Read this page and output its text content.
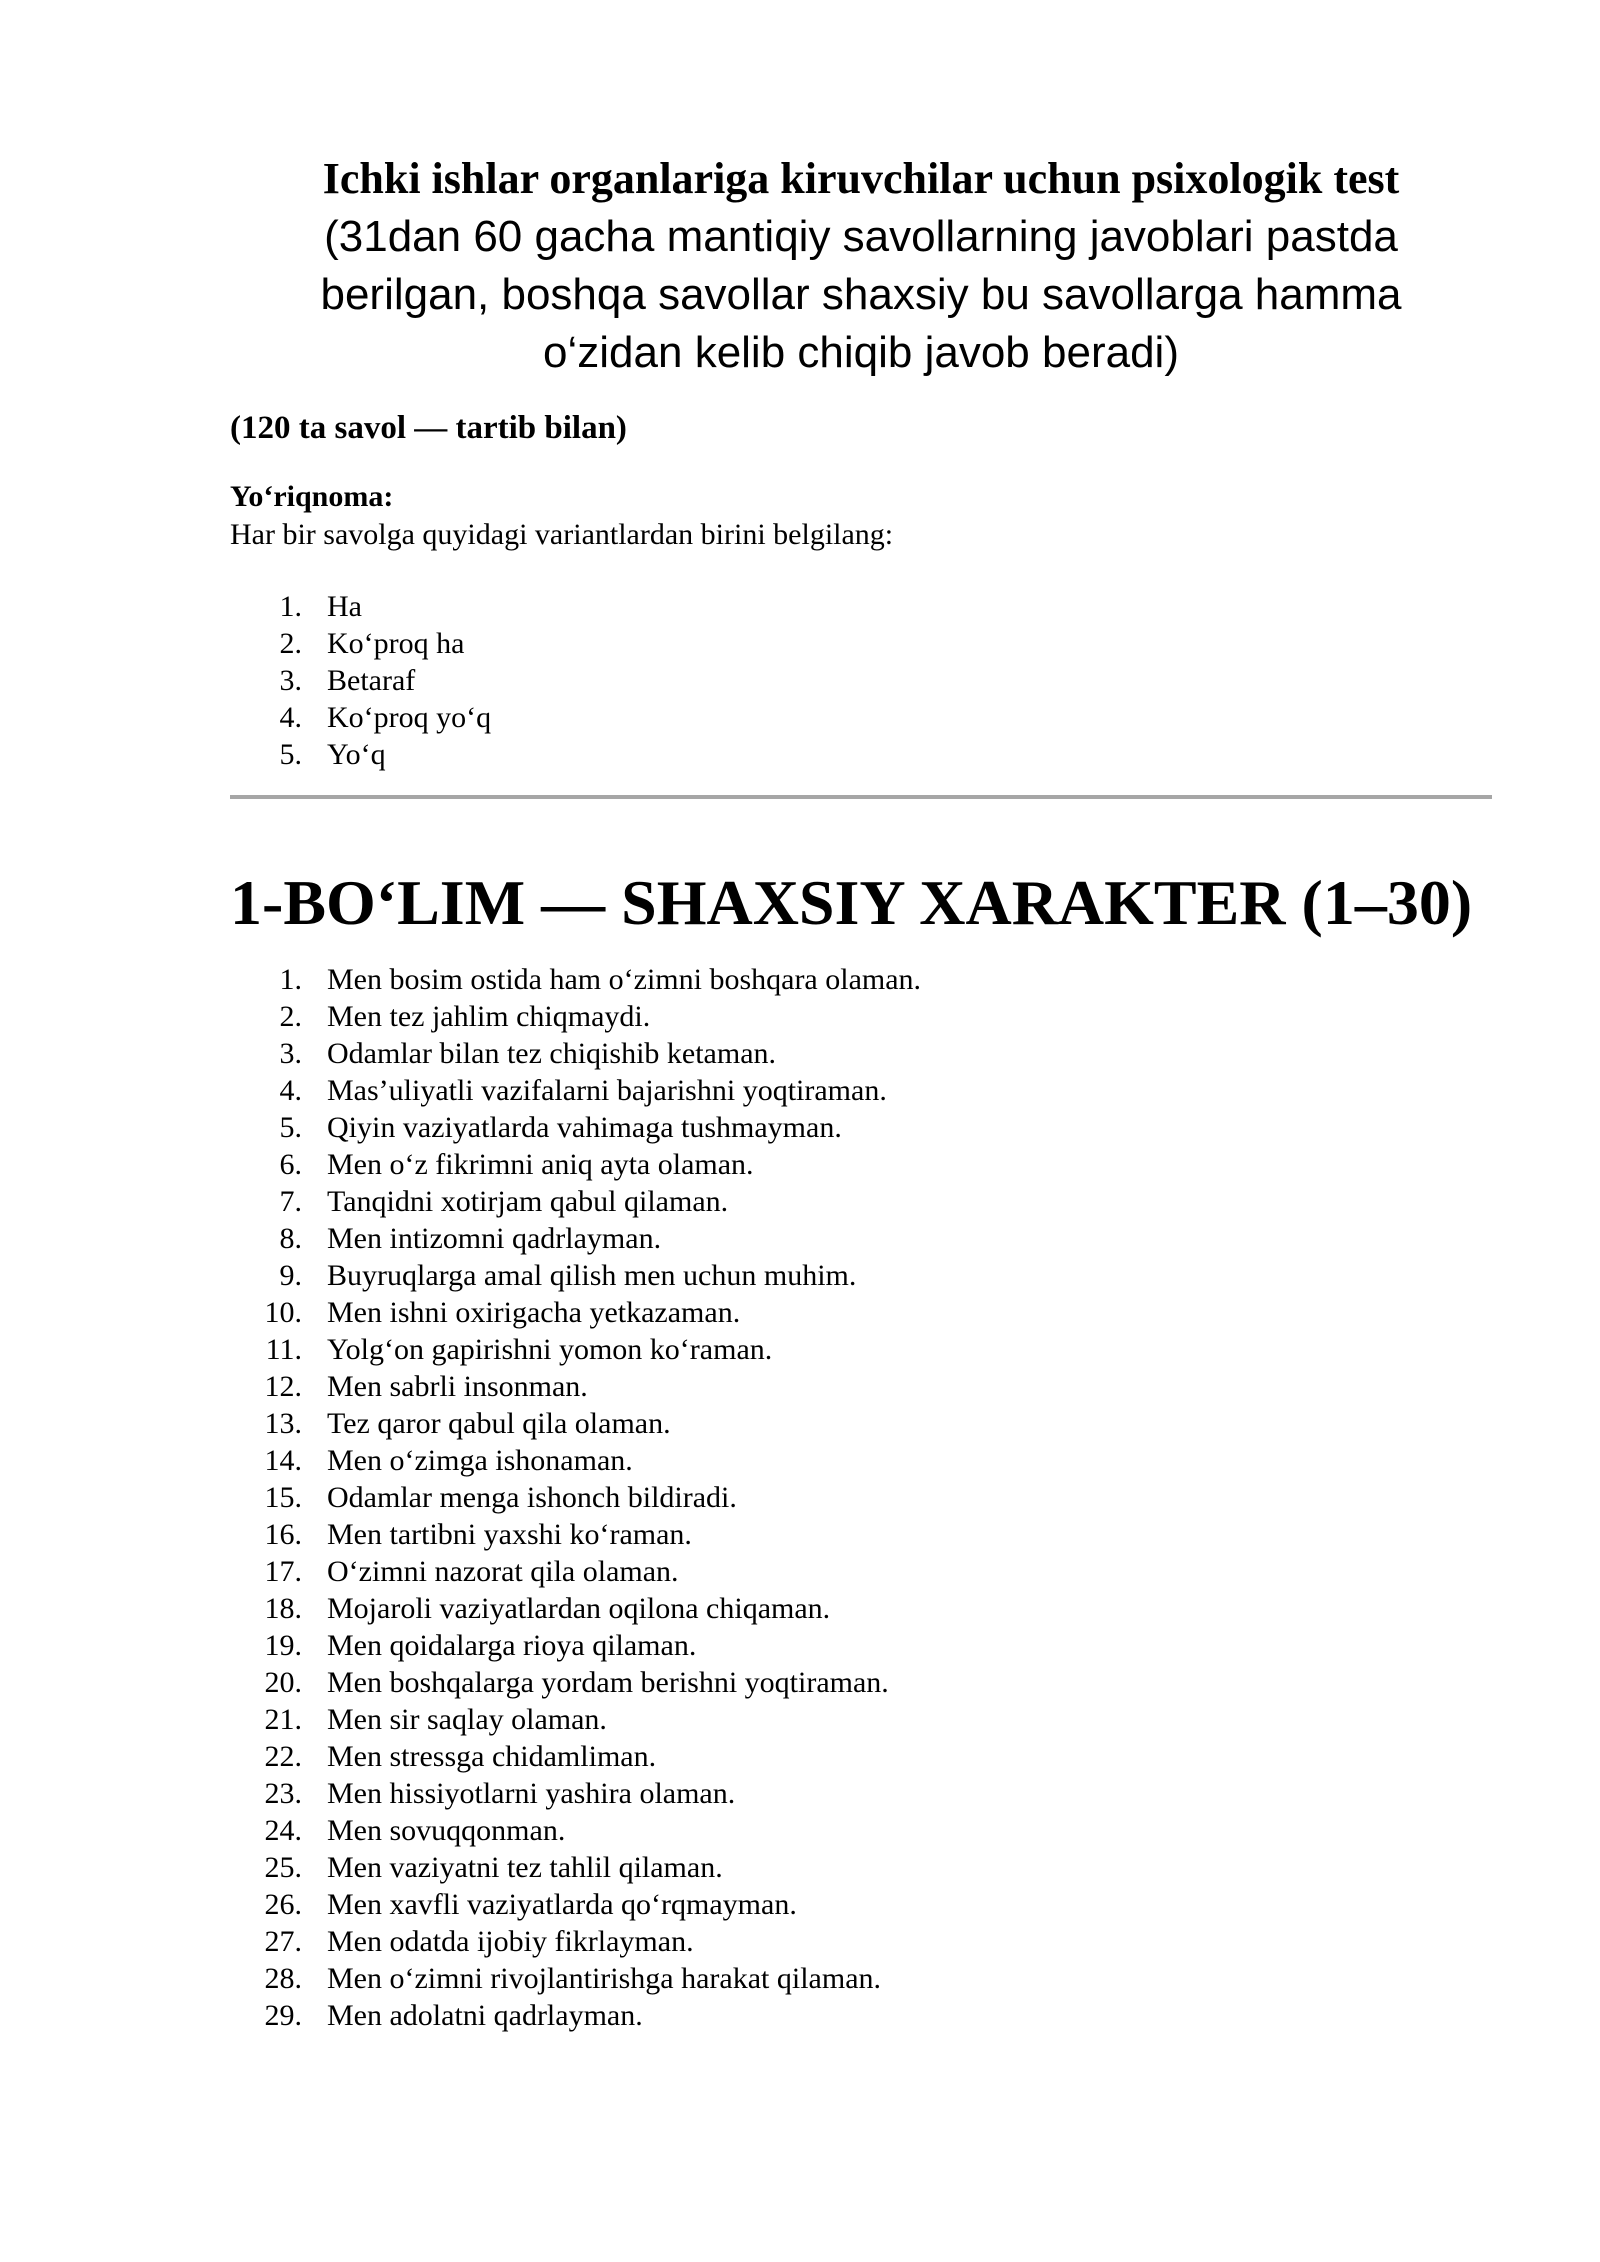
Ichki ishlar organlariga kiruvchilar uchun psixologik test
(31dan 60 gacha mantiqiy savollarning javoblari pastda berilgan, boshqa savollar shaxsiy bu savollarga hamma o‘zidan kelib chiqib javob beradi)

(120 ta savol — tartib bilan)

Yo‘riqnoma:

Har bir savolga quyidagi variantlardan birini belgilang:

1. Ha
2. Ko‘proq ha
3. Betaraf
4. Ko‘proq yo‘q
5. Yo‘q
1-BO‘LIM — SHAXSIY XARAKTER (1–30)
1. Men bosim ostida ham o‘zimni boshqara olaman.
2. Men tez jahlim chiqmaydi.
3. Odamlar bilan tez chiqishib ketaman.
4. Mas’uliyatli vazifalarni bajarishni yoqtiraman.
5. Qiyin vaziyatlarda vahimaga tushmayman.
6. Men o‘z fikrimni aniq ayta olaman.
7. Tanqidni xotirjam qabul qilaman.
8. Men intizomni qadrlayman.
9. Buyruqlarga amal qilish men uchun muhim.
10. Men ishni oxirigacha yetkazaman.
11. Yolg‘on gapirishni yomon ko‘raman.
12. Men sabrli insonman.
13. Tez qaror qabul qila olaman.
14. Men o‘zimga ishonaman.
15. Odamlar menga ishonch bildiradi.
16. Men tartibni yaxshi ko‘raman.
17. O‘zimni nazorat qila olaman.
18. Mojaroli vaziyatlardan oqilona chiqaman.
19. Men qoidalarga rioya qilaman.
20. Men boshqalarga yordam berishni yoqtiraman.
21. Men sir saqlay olaman.
22. Men stressga chidamliman.
23. Men hissiyotlarni yashira olaman.
24. Men sovuqqonman.
25. Men vaziyatni tez tahlil qilaman.
26. Men xavfli vaziyatlarda qo‘rqmayman.
27. Men odatda ijobiy fikrlayman.
28. Men o‘zimni rivojlantirishga harakat qilaman.
29. Men adolatni qadrlayman.
